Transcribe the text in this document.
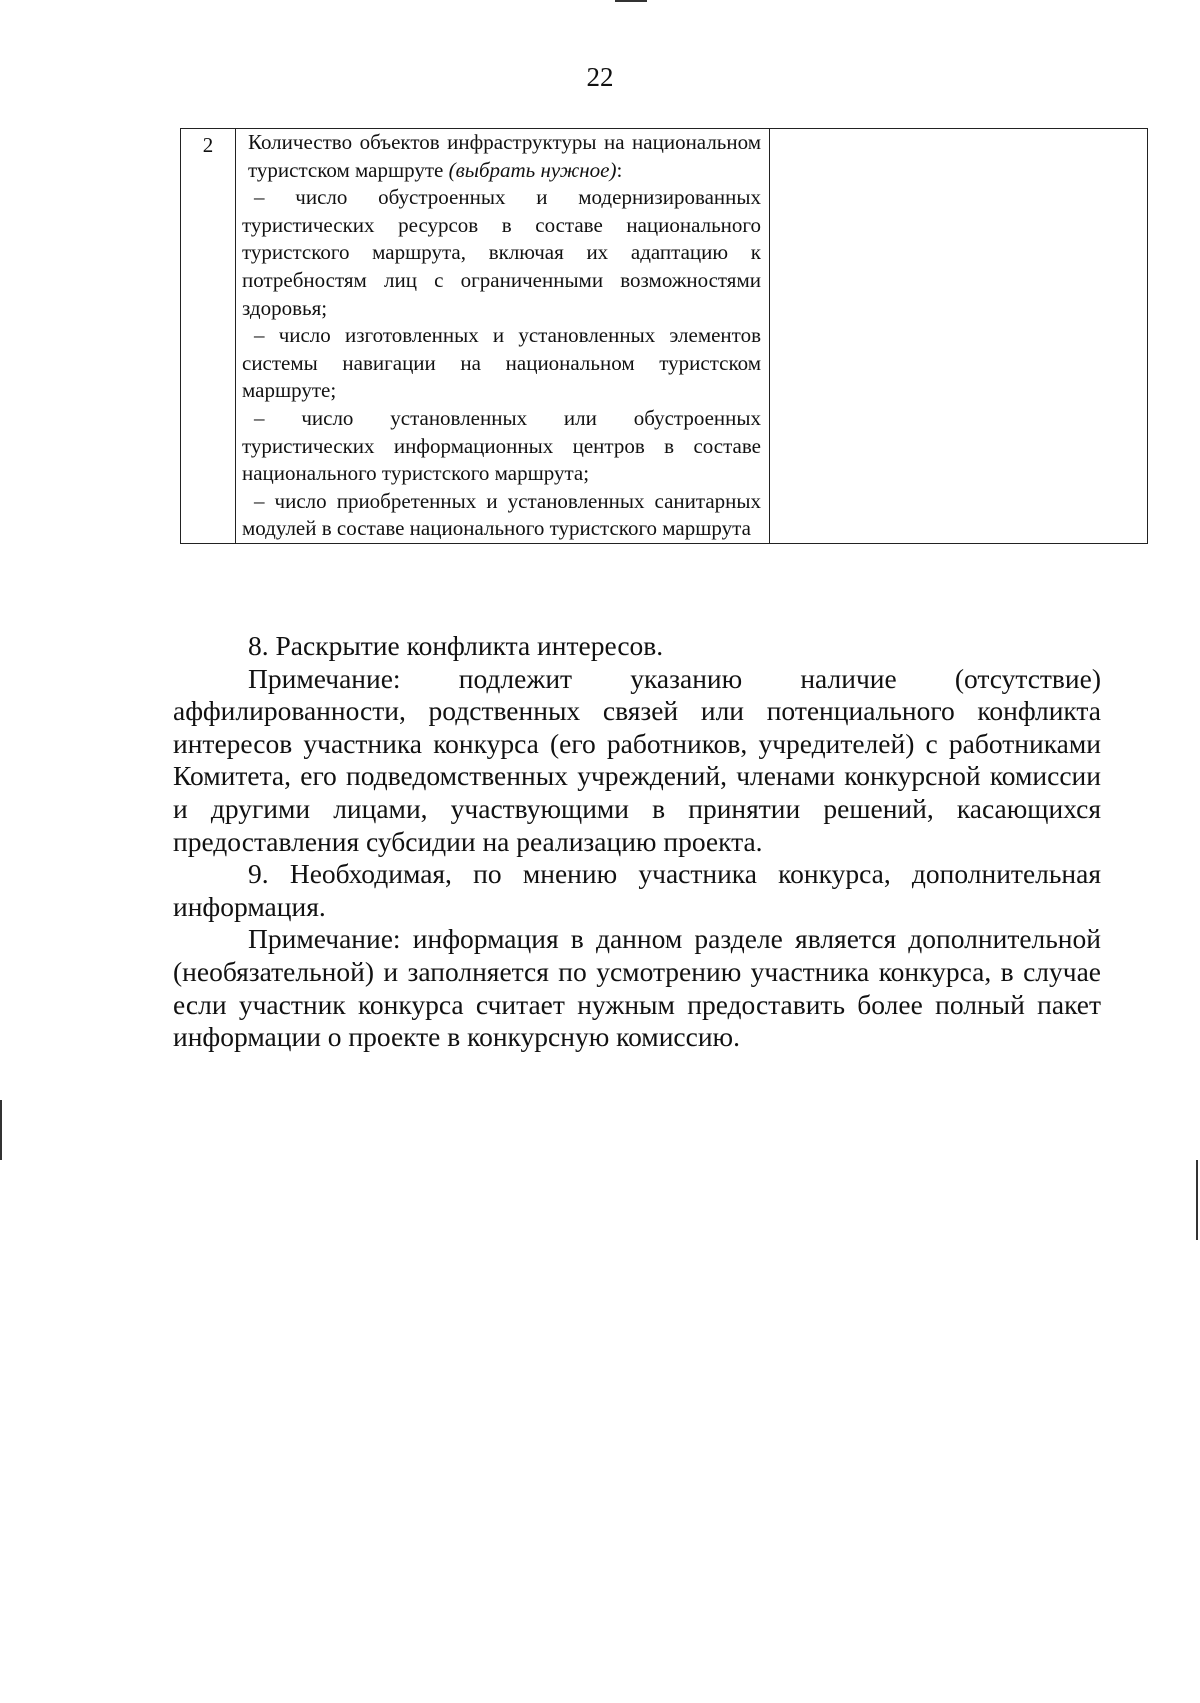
22
2	Количество объектов инфраструктуры на национальном туристском маршруте (выбрать нужное):

– число обустроенных и модернизированных туристических ресурсов в составе национального туристского маршрута, включая их адаптацию к потребностям лиц с ограниченными возможностями здоровья;

– число изготовленных и установленных элементов системы навигации на национальном туристском маршруте;

– число установленных или обустроенных туристических информационных центров в составе национального туристского маршрута;

– число приобретенных и установленных санитарных модулей в составе национального туристского маршрута

8. Раскрытие конфликта интересов.

Примечание: подлежит указанию наличие (отсутствие) аффилированности, родственных связей или потенциального конфликта интересов участника конкурса (его работников, учредителей) с работниками Комитета, его подведомственных учреждений, членами конкурсной комиссии и другими лицами, участвующими в принятии решений, касающихся предоставления субсидии на реализацию проекта.

9. Необходимая, по мнению участника конкурса, дополнительная информация.

Примечание: информация в данном разделе является дополнительной (необязательной) и заполняется по усмотрению участника конкурса, в случае если участник конкурса считает нужным предоставить более полный пакет информации о проекте в конкурсную комиссию.
